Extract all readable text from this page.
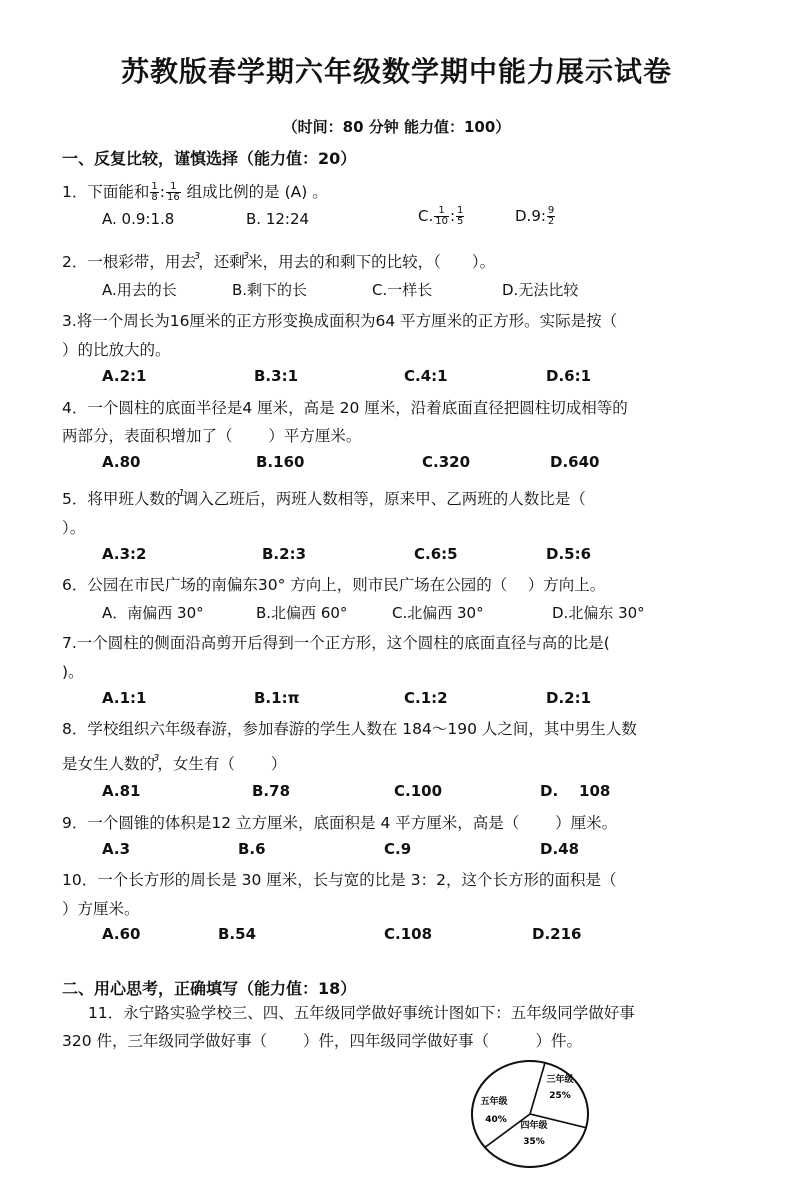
苏教版春学期六年级数学期中能力展示试卷
（时间：80 分钟 能力值：100）
一、反复比较，谨慎选择（能力值：20）
1．下面能和 $\frac{1}{8}$ : $\frac{1}{16}$ 组成比例的是 (A) 。
A. 0.9:1.8	B. 12:24	C. $\frac{1}{10}$ : $\frac{1}{5}$	D.9: $\frac{9}{2}$
2．一根彩带，用去$^3$，还剩$^3$米，用去的和剩下的比较，（　　）。
A.用去的长	B.剩下的长	C.一样长	D.无法比较
3.将一个周长为16厘米的正方形变换成面积为64 平方厘米的正方形。实际是按（
）的比放大的。
A.2:1	B.3:1	C.4:1	D.6:1
4．一个圆柱的底面半径是4 厘米，高是 20 厘米，沿着底面直径把圆柱切成相等的
两部分，表面积增加了（　　 ）平方厘米。
A.80	B.160	C.320	D.640
5．将甲班人数的$^1$调入乙班后，两班人数相等，原来甲、乙两班的人数比是（
）。
A.3:2	B.2:3	C.6:5	D.5:6
6．公园在市民广场的南偏东30° 方向上，则市民广场在公园的（　 ）方向上。
A．南偏西 30°	B.北偏西 60°	C.北偏西 30°	D.北偏东 30°
7.一个圆柱的侧面沿高剪开后得到一个正方形，这个圆柱的底面直径与高的比是(
)。
A.1:1	B.1:π	C.1:2	D.2:1
8．学校组织六年级春游，参加春游的学生人数在 184～190 人之间，其中男生人数
是女生人数的$^3$，女生有（　　 ）
A.81	B.78	C.100	D.    108
9．一个圆锥的体积是12 立方厘米，底面积是 4 平方厘米，高是（　　 ）厘米。
A.3	B.6	C.9	D.48
10．一个长方形的周长是 30 厘米，长与宽的比是 3：2，这个长方形的面积是（
）方厘米。
A.60	B.54	C.108	D.216
二、用心思考，正确填写（能力值：18）
11．永宁路实验学校三、四、五年级同学做好事统计图如下：五年级同学做好事
320 件，三年级同学做好事（　　 ）件，四年级同学做好事（　　　）件。
三年级
25%
四年级
35%
五年级
40%
